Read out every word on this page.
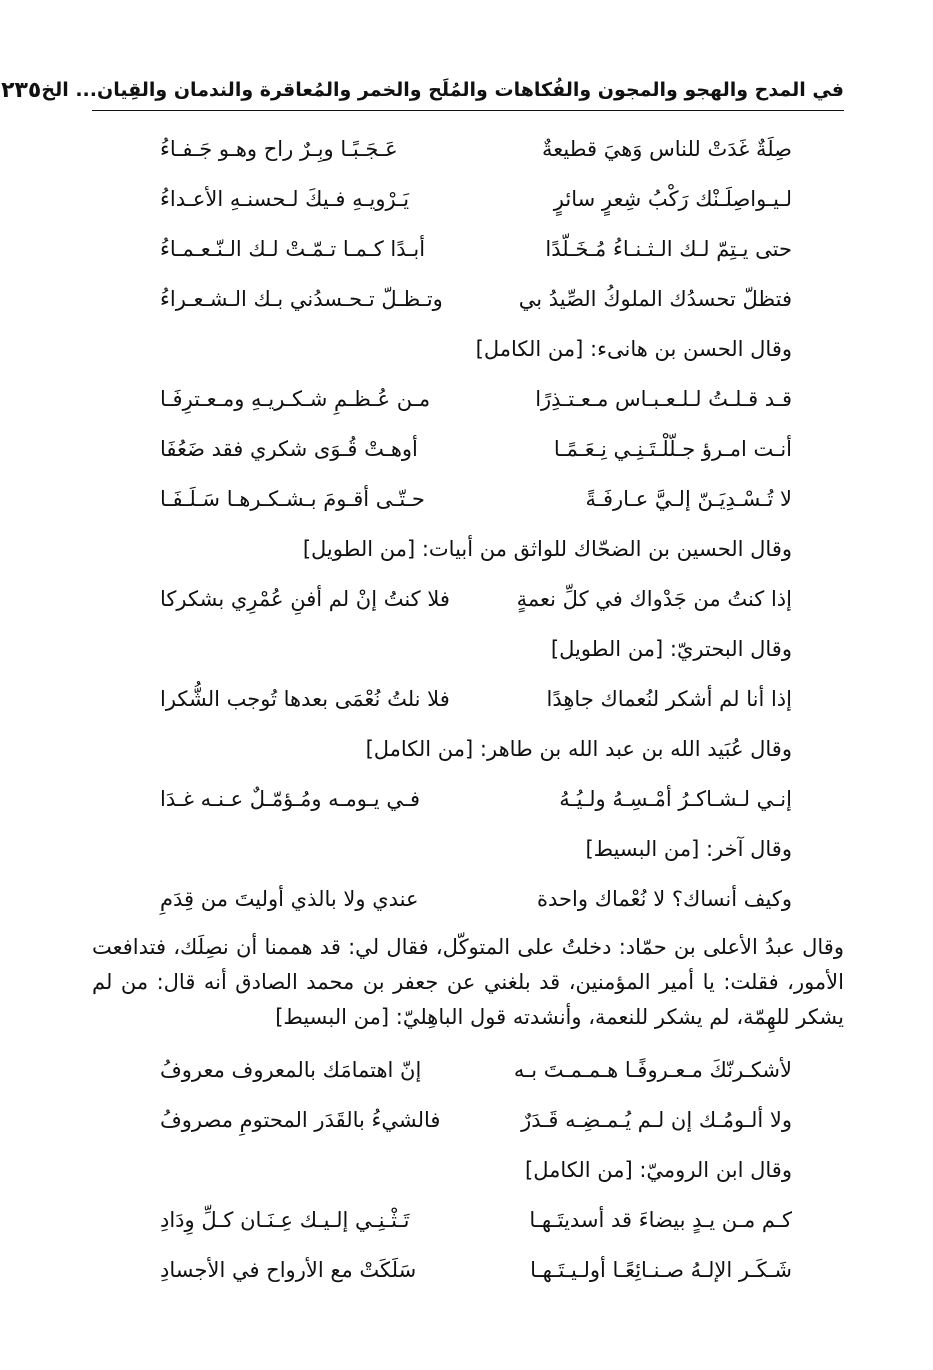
في المدح والهجو والمجون والفُكاهات والمُلَح والخمر والمُعاقرة والندمان والقِيان... الخ
٢٣٥
صِلَةٌ غَدَتْ للناس وَهيَ قطيعةٌ
عَـجَـبًـا وبِـرٌ راح وهـو جَـفـاءُ
لـيـواصِلَـنْك رَكْبُ شِعرٍ سائرٍ
يَـرْويـهِ فـيكَ لـحسنـهِ الأعـداءُ
حتى يـتِمّ لـك الـثـنـاءُ مُـخَـلّدًا
أبـدًا كـمـا تـمّـتْ لـك الـنّـعـمـاءُ
فتظلّ تحسدُك الملوكُ الصِّيدُ بي
وتـظـلّ تـحـسدُني بـك الـشـعـراءُ
وقال الحسن بن هانىء: [من الكامل]
قـد قـلـتُ لـلـعـبـاس مـعـتـذِرًا
مـن عُـظـمِ شـكـريـهِ ومـعـترِفَـا
أنـت امـرؤ جـلّلْـتَـنِـي نِـعَـمًـا
أوهـتْ قُـوَى شكري فقد ضَعُفَا
لا تُـسْـدِيَـنّ إلـيَّ عـارفَـةً
حـتّـى أقـومَ بـشـكـرهـا سَـلَـفَـا
وقال الحسين بن الضحّاك للواثق من أبيات: [من الطويل]
إذا كنتُ من جَدْواك في كلِّ نعمةٍ
فلا كنتُ إنْ لم أفنِ عُمْرِي بشكركا
وقال البحتريّ: [من الطويل]
إذا أنا لم أشكر لنُعماك جاهِدًا
فلا نلتُ نُعْمَى بعدها تُوجب الشُّكرا
وقال عُبَيد الله بن عبد الله بن طاهر: [من الكامل]
إنـي لـشـاكـرُ أمْـسِـهُ ولـيُـهُ
فـي يـومـه ومُـؤمّـلٌ عـنـه غـدَا
وقال آخر: [من البسيط]
وكيف أنساك؟ لا نُعْماك واحدة
عندي ولا بالذي أوليتَ من قِدَمِ
وقال عبدُ الأعلى بن حمّاد: دخلتُ على المتوكّل، فقال لي: قد هممنا أن نصِلَك، فتدافعت الأمور، فقلت: يا أمير المؤمنين، قد بلغني عن جعفر بن محمد الصادق أنه قال: من لم يشكر للهِمّة، لم يشكر للنعمة، وأنشدته قول الباهِليّ: [من البسيط]
لأشكـرنّكَ مـعـروفًـا هـمـمـتَ بـه
إنّ اهتمامَك بالمعروف معروفُ
ولا ألـومُـك إن لـم يُـمـضِـه قَـدَرٌ
فالشيءُ بالقَدَر المحتومِ مصروفُ
وقال ابن الروميّ: [من الكامل]
كـم مـن يـدٍ بيضاءَ قد أسديتَـهـا
تَـثْـنِـي إلـيـك عِـنَـان كـلِّ وِدَادِ
شَـكَـر الإلـهُ صـنـائِعًـا أولـيـتَـهـا
سَلَكَتْ مع الأرواح في الأجسادِ
